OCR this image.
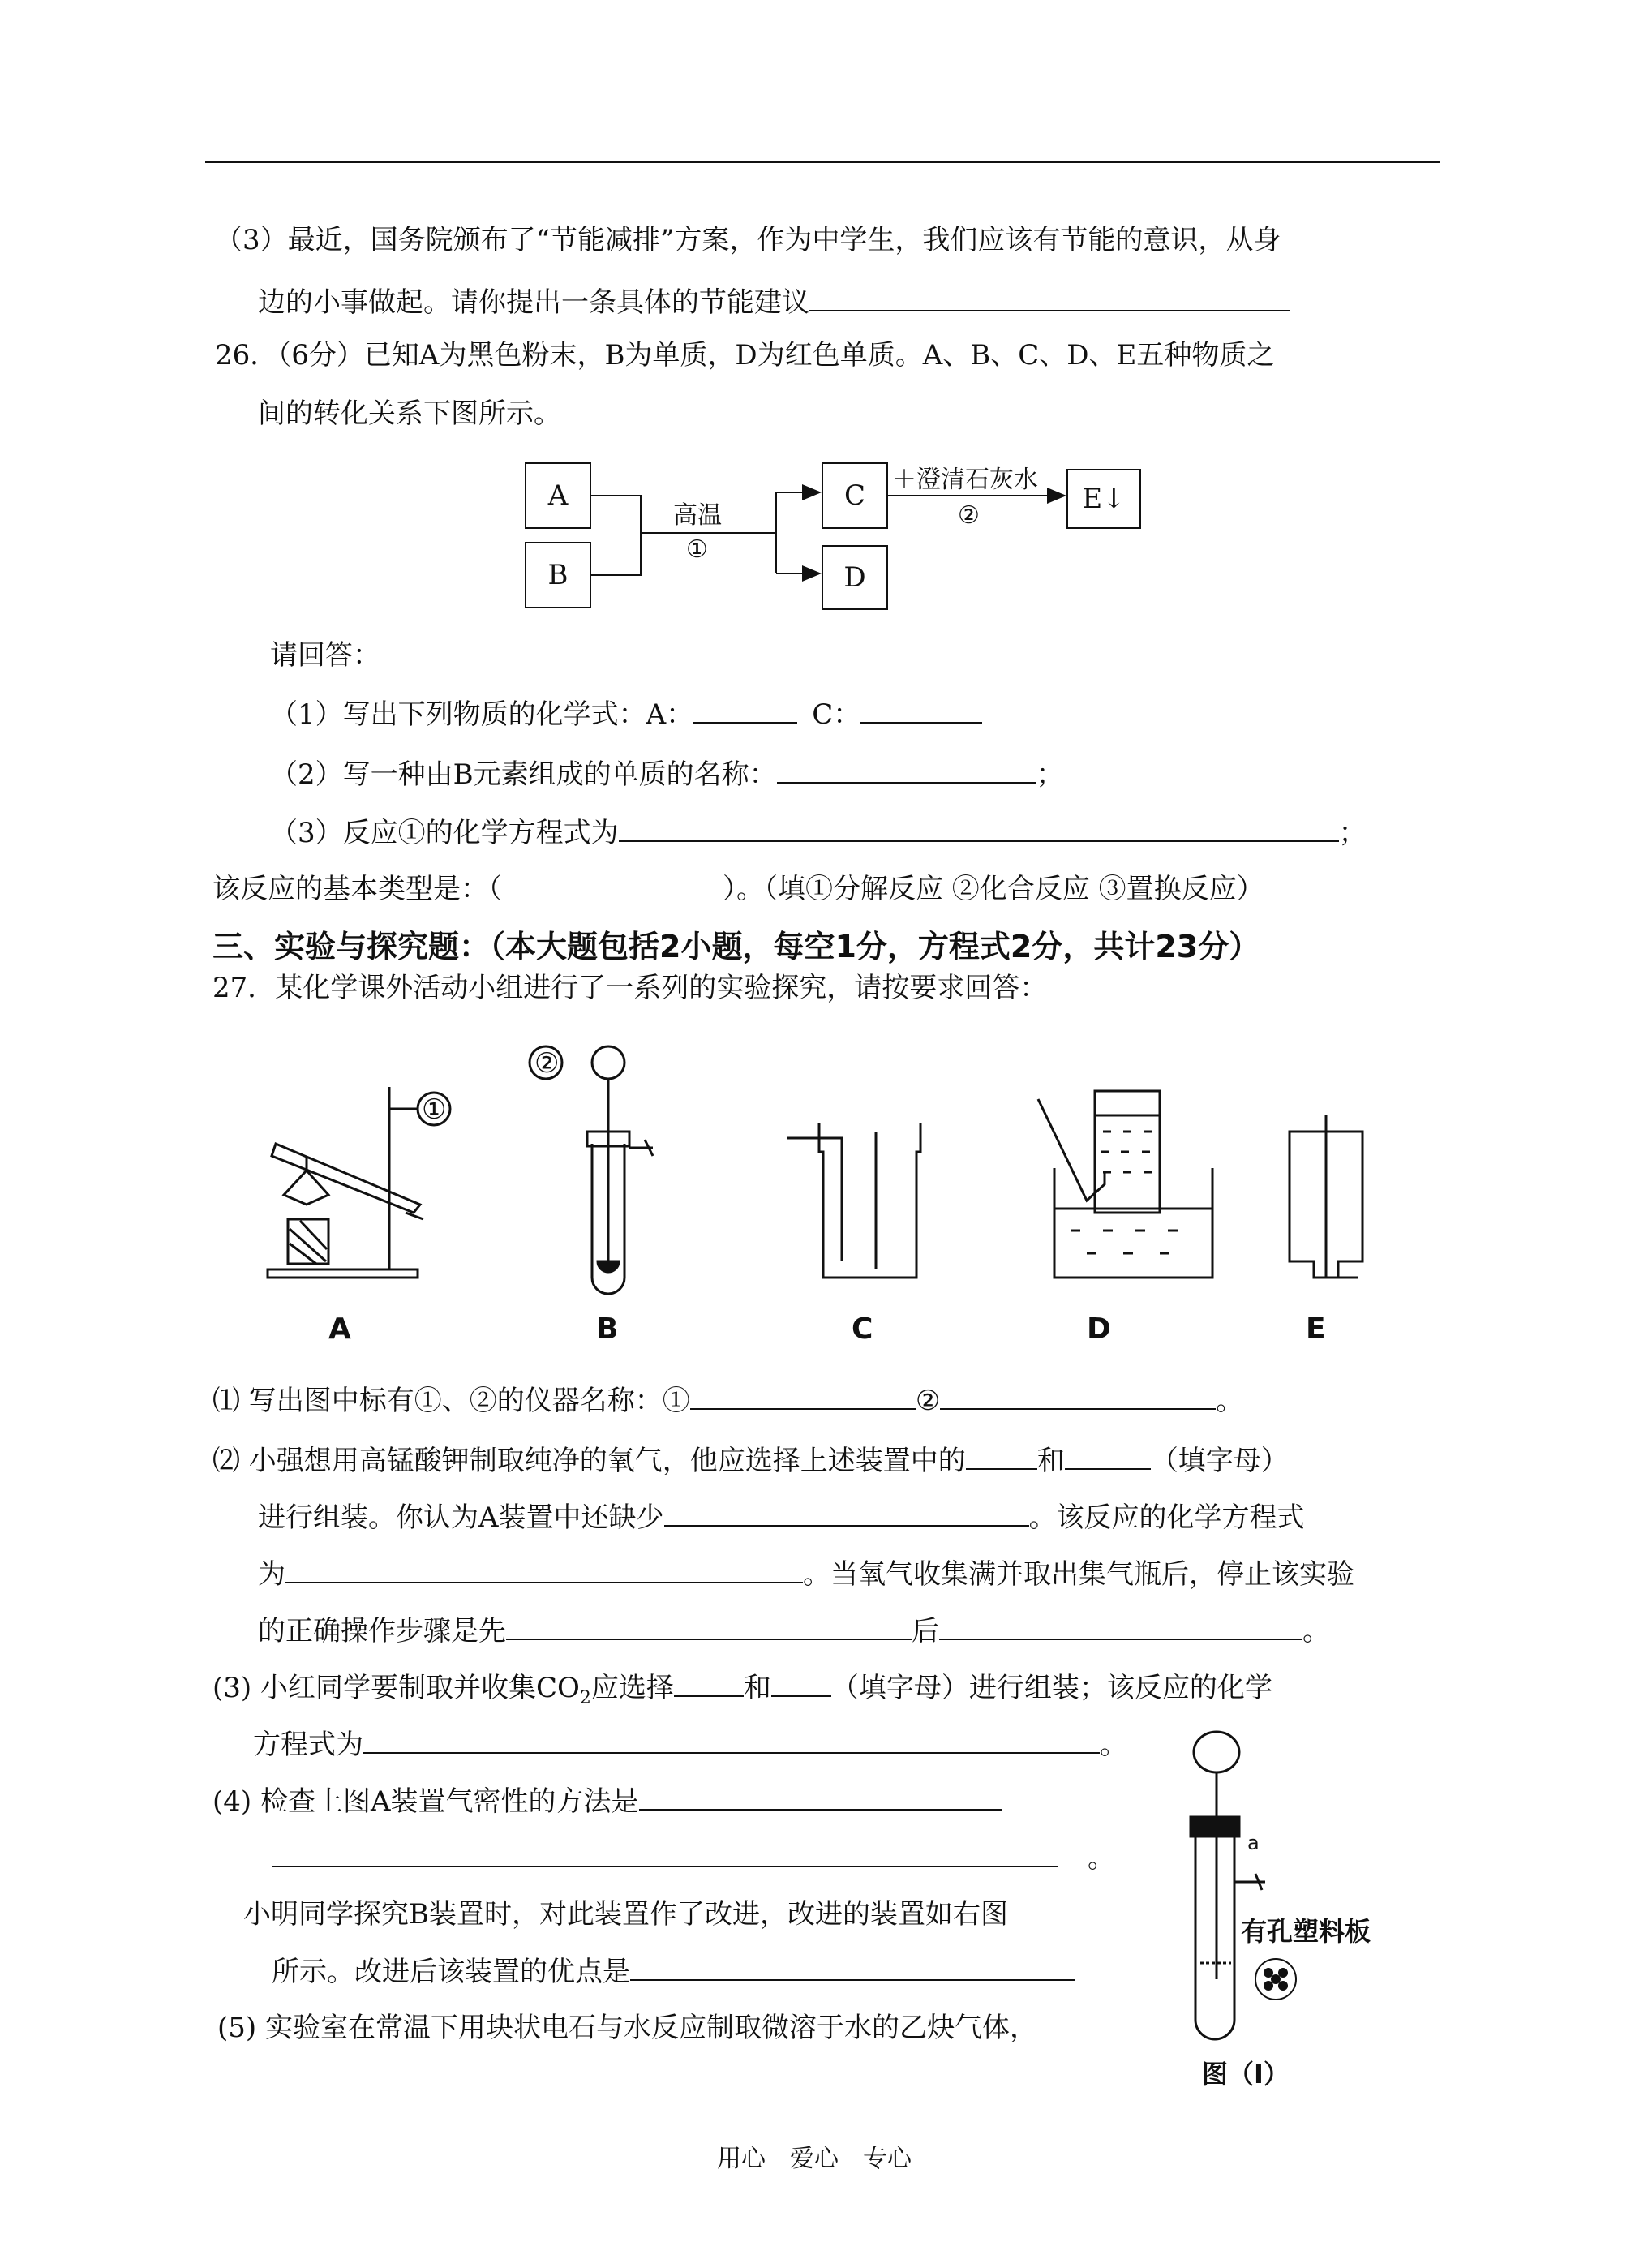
（3）最近，国务院颁布了“节能减排”方案，作为中学生，我们应该有节能的意识，从身
边的小事做起。请你提出一条具体的节能建议
26．（6分）已知A为黑色粉末，B为单质，D为红色单质。A、B、C、D、E五种物质之
间的转化关系下图所示。
A
B
C
D
E↓
高温
①
＋澄清石灰水
②
请回答：
（1）写出下列物质的化学式：A：	C：
（2）写一种由B元素组成的单质的名称：	；
（3）反应①的化学方程式为	；
该反应的基本类型是：（　　　　　　　　）。（填①分解反应 ②化合反应 ③置换反应）
三、实验与探究题：（本大题包括2小题，每空1分，方程式2分，共计23分）
27．某化学课外活动小组进行了一系列的实验探究，请按要求回答：
①
②
A	B	C	D	E
⑴ 写出图中标有①、②的仪器名称：①	②	。
⑵ 小强想用高锰酸钾制取纯净的氧气，他应选择上述装置中的	和	（填字母）
进行组装。你认为A装置中还缺少	。该反应的化学方程式
为	。当氧气收集满并取出集气瓶后，停止该实验
的正确操作步骤是先	后	。
(3) 小红同学要制取并收集$CO_2$应选择	和 （填字母）进行组装；该反应的化学
方程式为	。
(4) 检查上图A装置气密性的方法是
。
小明同学探究B装置时，对此装置作了改进，改进的装置如右图
所示。改进后该装置的优点是
(5) 实验室在常温下用块状电石与水反应制取微溶于水的乙炔气体，
a
有孔塑料板
图（Ⅰ）
用心　爱心　专心
